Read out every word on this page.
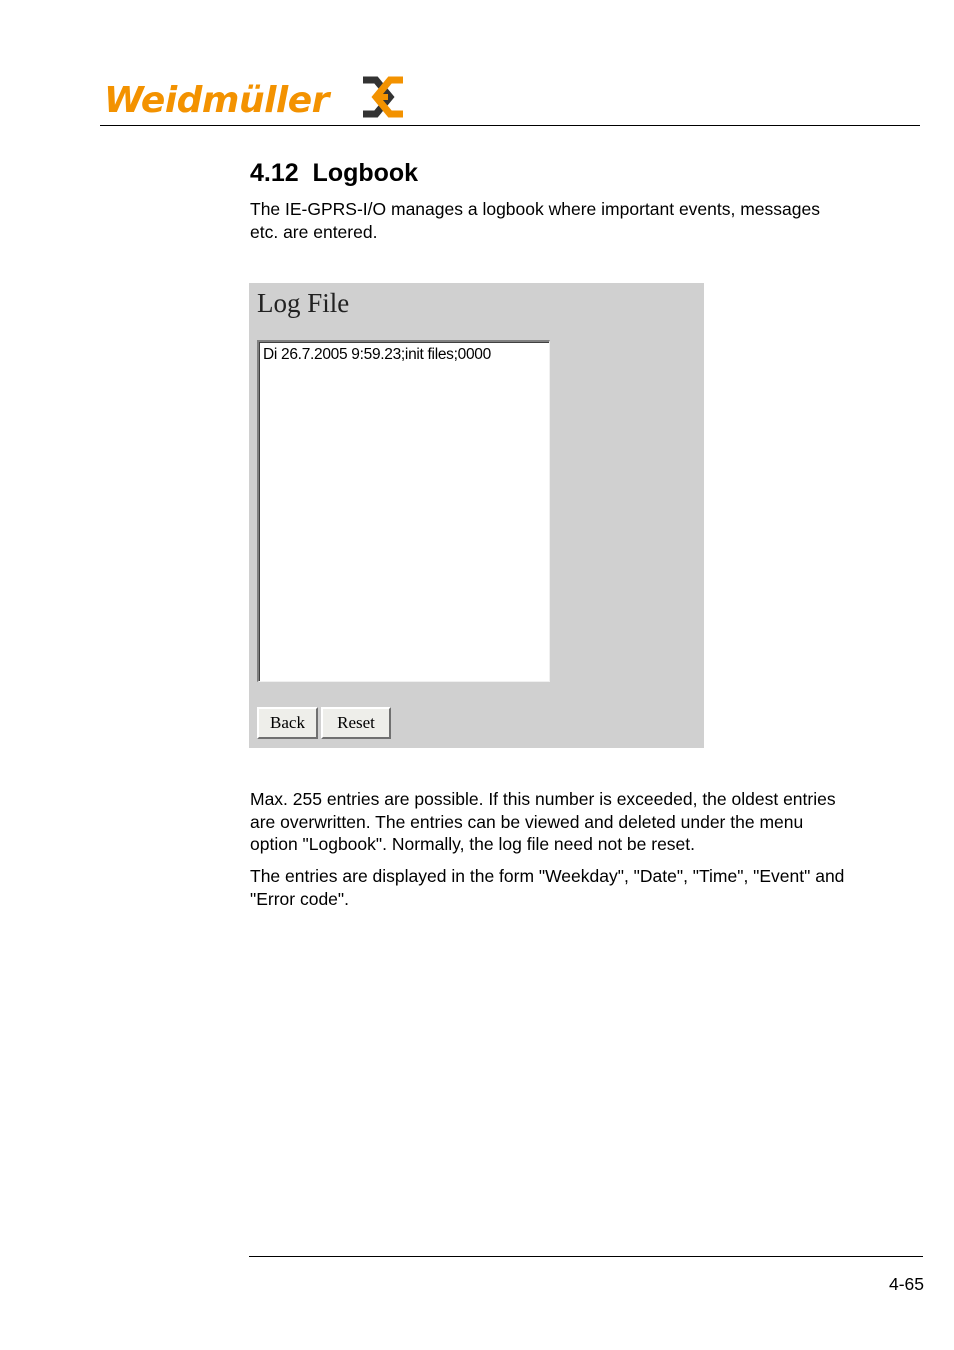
Weidmüller
4.12  Logbook
The IE-GPRS-I/O manages a logbook where important events, messages etc. are entered.
Log File
Di 26.7.2005 9:59.23;init files;0000
Back	Reset
Max. 255 entries are possible. If this number is exceeded, the oldest entries are overwritten. The entries can be viewed and deleted under the menu option "Logbook". Normally, the log file need not be reset.
The entries are displayed in the form "Weekday", "Date", "Time", "Event" and "Error code".
4-65
